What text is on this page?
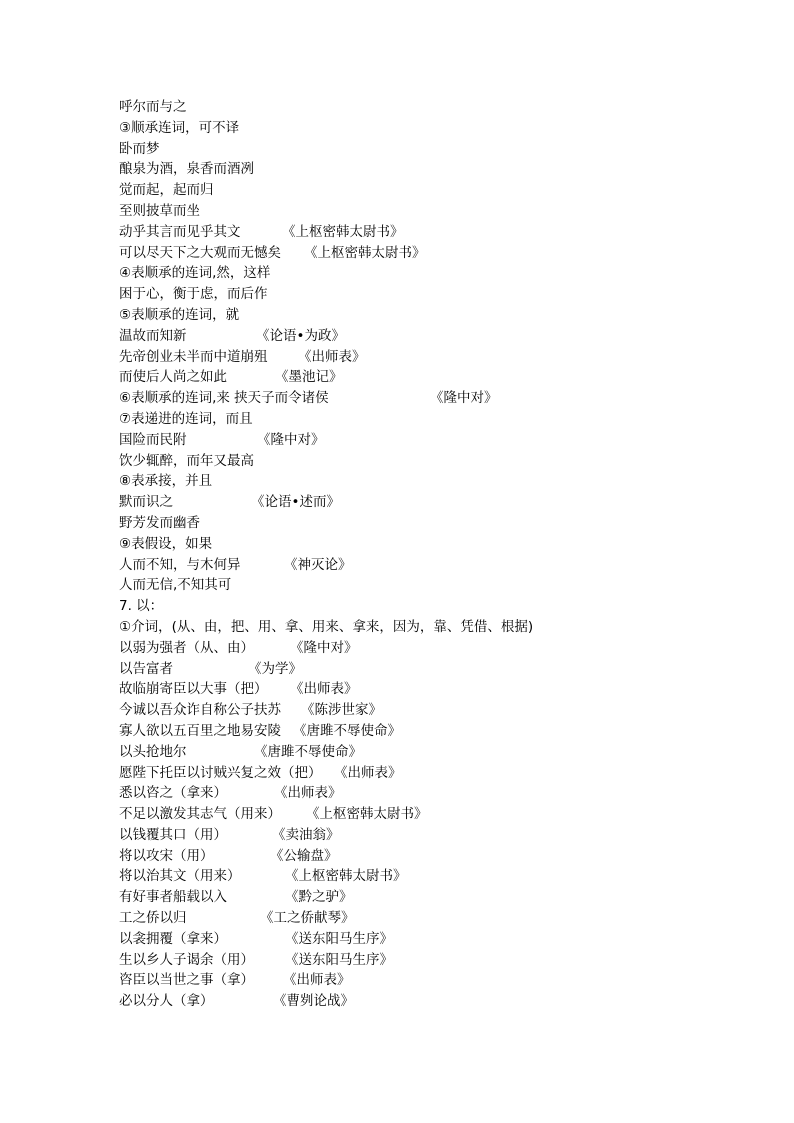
呼尔而与之
③顺承连词，可不译
卧而梦
酿泉为酒，泉香而酒冽
觉而起，起而归
至则披草而坐
动乎其言而见乎其文	《上枢密韩太尉书》
可以尽天下之大观而无憾矣 《上枢密韩太尉书》
④表顺承的连词,然，这样
困于心，衡于虑，而后作
⑤表顺承的连词，就
温故而知新	《论语•为政》
先帝创业未半而中道崩殂 《出师表》
而使后人尚之如此	《墨池记》
⑥表顺承的连词,来 挟天子而令诸侯	《隆中对》
⑦表递进的连词，而且
国险而民附	《隆中对》
饮少辄醉，而年又最高
⑧表承接，并且
默而识之	《论语•述而》
野芳发而幽香
⑨表假设，如果
人而不知，与木何异	《神灭论》
人而无信,不知其可
7. 以：
①介词，(从、由，把、用、拿、用来、拿来，因为，靠、凭借、根据)
以弱为强者（从、由）	《隆中对》
以告富者	《为学》
故临崩寄臣以大事（把） 《出师表》
今诚以吾众诈自称公子扶苏 《陈涉世家》
寡人欲以五百里之地易安陵 《唐雎不辱使命》
以头抢地尔	《唐雎不辱使命》
愿陛下托臣以讨贼兴复之效（把） 《出师表》
悉以咨之（拿来）	《出师表》
不足以激发其志气（用来） 《上枢密韩太尉书》
以钱覆其口（用）	《卖油翁》
将以攻宋（用）	《公输盘》
将以治其文（用来）	《上枢密韩太尉书》
有好事者船载以入	《黔之驴》
工之侨以归	《工之侨献琴》
以衾拥覆（拿来）	《送东阳马生序》
生以乡人子谒余（用） 《送东阳马生序》
咨臣以当世之事（拿） 《出师表》
必以分人（拿）	《曹刿论战》
